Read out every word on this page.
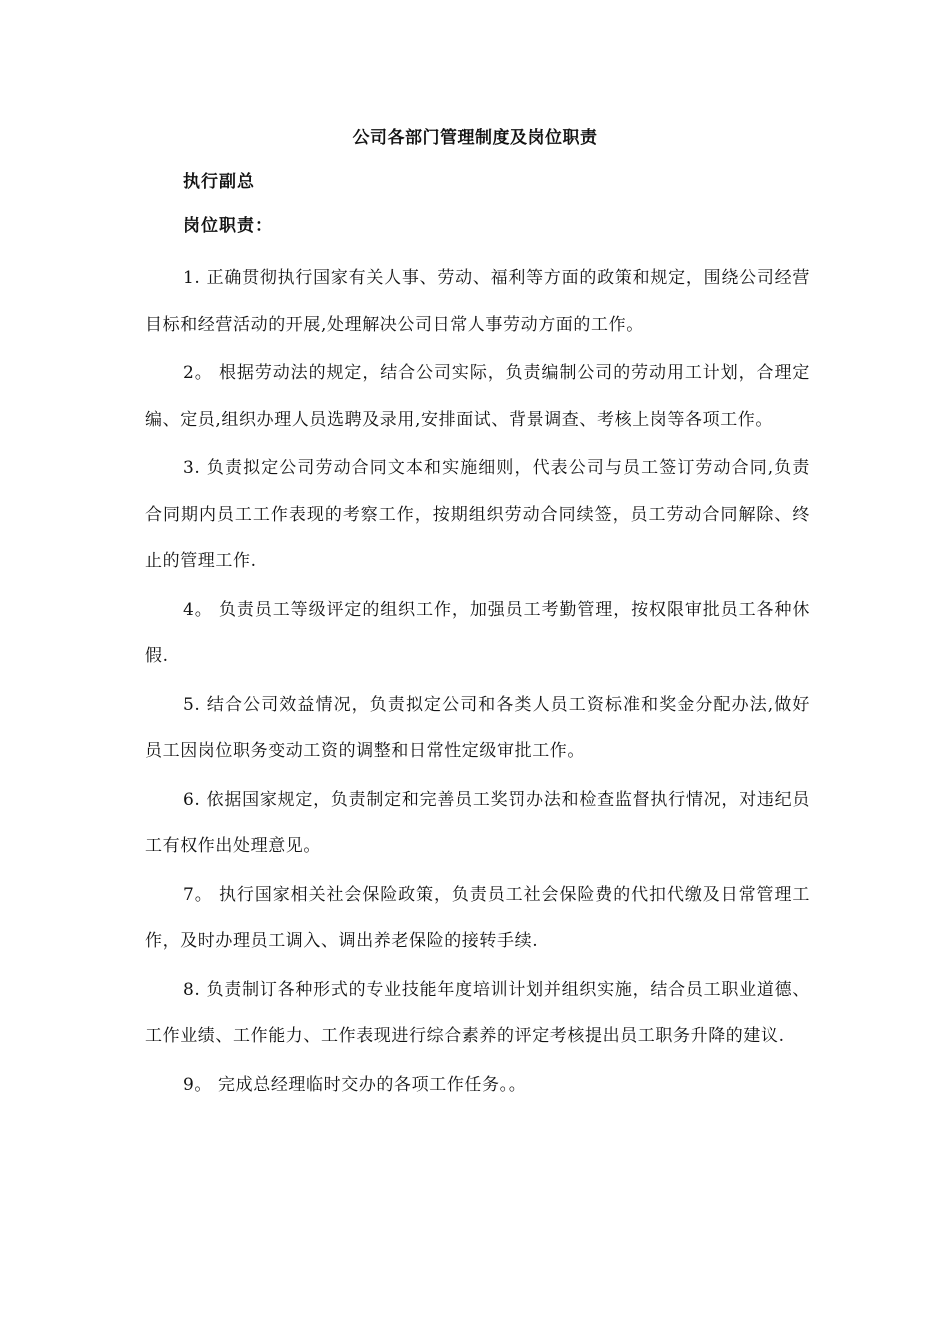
公司各部门管理制度及岗位职责
执行副总
岗位职责：
1. 正确贯彻执行国家有关人事、劳动、福利等方面的政策和规定，围绕公司经营目标和经营活动的开展,处理解决公司日常人事劳动方面的工作。
2。 根据劳动法的规定，结合公司实际，负责编制公司的劳动用工计划，合理定编、定员,组织办理人员选聘及录用,安排面试、背景调查、考核上岗等各项工作。
3. 负责拟定公司劳动合同文本和实施细则，代表公司与员工签订劳动合同,负责合同期内员工工作表现的考察工作，按期组织劳动合同续签，员工劳动合同解除、终止的管理工作.
4。 负责员工等级评定的组织工作，加强员工考勤管理，按权限审批员工各种休假.
5. 结合公司效益情况，负责拟定公司和各类人员工资标准和奖金分配办法,做好员工因岗位职务变动工资的调整和日常性定级审批工作。
6. 依据国家规定，负责制定和完善员工奖罚办法和检查监督执行情况，对违纪员工有权作出处理意见。
7。 执行国家相关社会保险政策，负责员工社会保险费的代扣代缴及日常管理工作，及时办理员工调入、调出养老保险的接转手续.
8. 负责制订各种形式的专业技能年度培训计划并组织实施，结合员工职业道德、工作业绩、工作能力、工作表现进行综合素养的评定考核提出员工职务升降的建议.
9。 完成总经理临时交办的各项工作任务。。
